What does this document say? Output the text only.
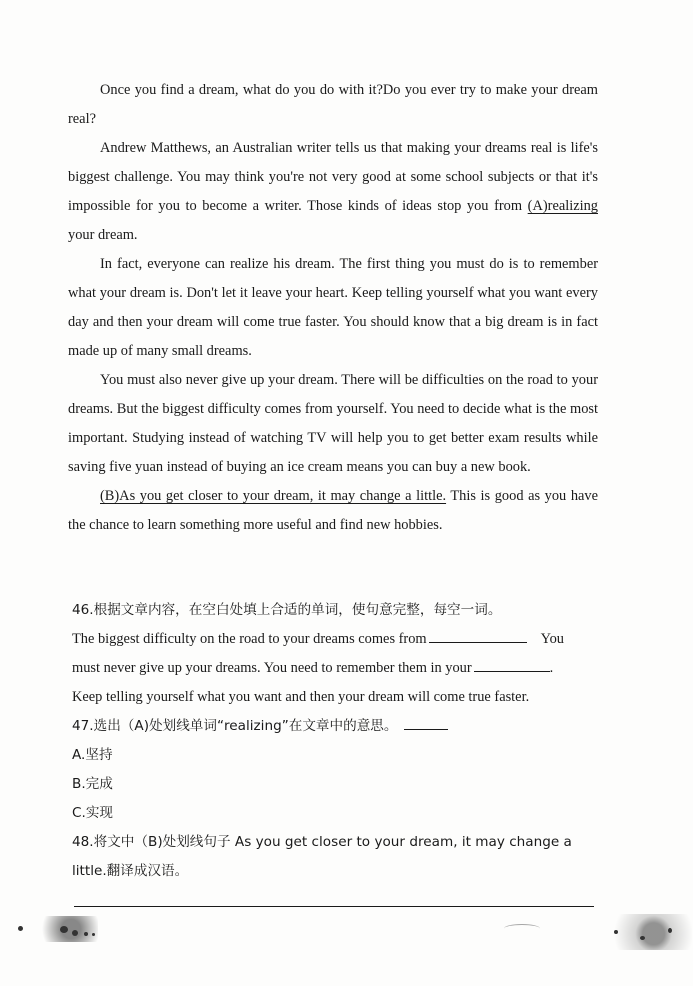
Once you find a dream, what do you do with it?Do you ever try to make your dream real?

Andrew Matthews, an Australian writer tells us that making your dreams real is life's biggest challenge. You may think you're not very good at some school subjects or that it's impossible for you to become a writer. Those kinds of ideas stop you from (A)realizing your dream.

In fact, everyone can realize his dream. The first thing you must do is to remember what your dream is. Don't let it leave your heart. Keep telling yourself what you want every day and then your dream will come true faster. You should know that a big dream is in fact made up of many small dreams.

You must also never give up your dream. There will be difficulties on the road to your dreams. But the biggest difficulty comes from yourself. You need to decide what is the most important. Studying instead of watching TV will help you to get better exam results while saving five yuan instead of buying an ice cream means you can buy a new book.

(B)As you get closer to your dream, it may change a little. This is good as you have the chance to learn something more useful and find new hobbies.

46.根据文章内容，在空白处填上合适的单词，使句意完整，每空一词。

The biggest difficulty on the road to your dreams comes from	You

must never give up your dreams. You need to remember them in your	.

Keep telling yourself what you want and then your dream will come true faster.

47.选出（A)处划线单词“realizing”在文章中的意思。

A.坚持

B.完成

C.实现

48.将文中（B)处划线句子 As you get closer to your dream, it may change a little.翻译成汉语。
